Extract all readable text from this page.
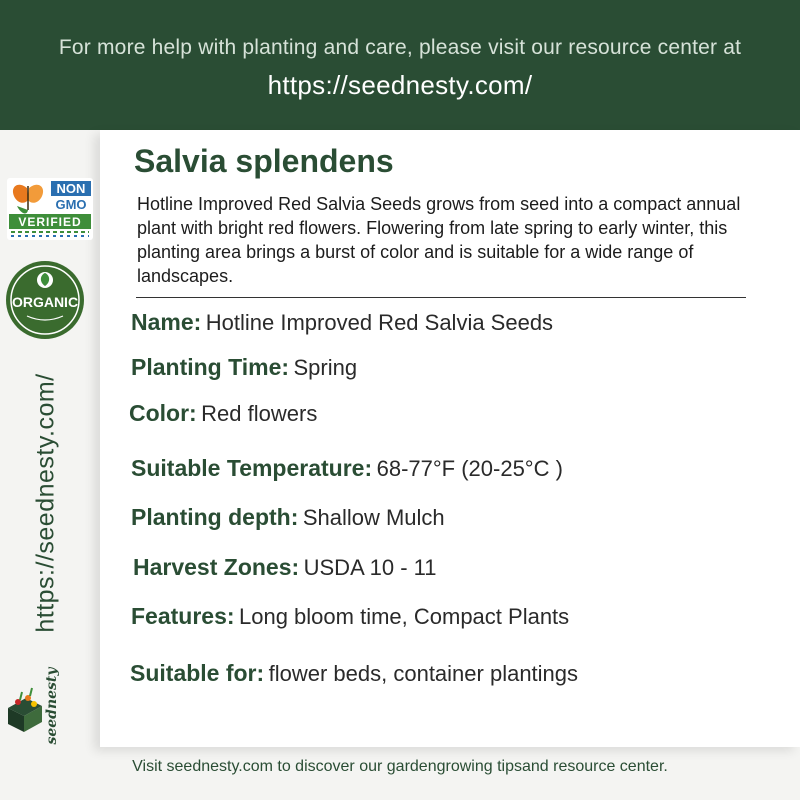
For more help with planting and care, please visit our resource center at
https://seednesty.com/
NON
GMO
VERIFIED
ORGANIC
https://seednesty.com/
seednesty
Salvia splendens
Hotline Improved Red Salvia Seeds grows from seed into a compact annual plant with bright red flowers. Flowering from late spring to early winter, this planting area brings a burst of color and is suitable for a wide range of landscapes.
Name: Hotline Improved Red Salvia Seeds
Planting Time: Spring
Color: Red flowers
Suitable Temperature: 68-77°F (20-25°C )
Planting depth: Shallow Mulch
Harvest Zones: USDA 10 - 11
Features: Long bloom time, Compact Plants
Suitable for: flower beds, container plantings
Visit seednesty.com to discover our gardengrowing tipsand resource center.
